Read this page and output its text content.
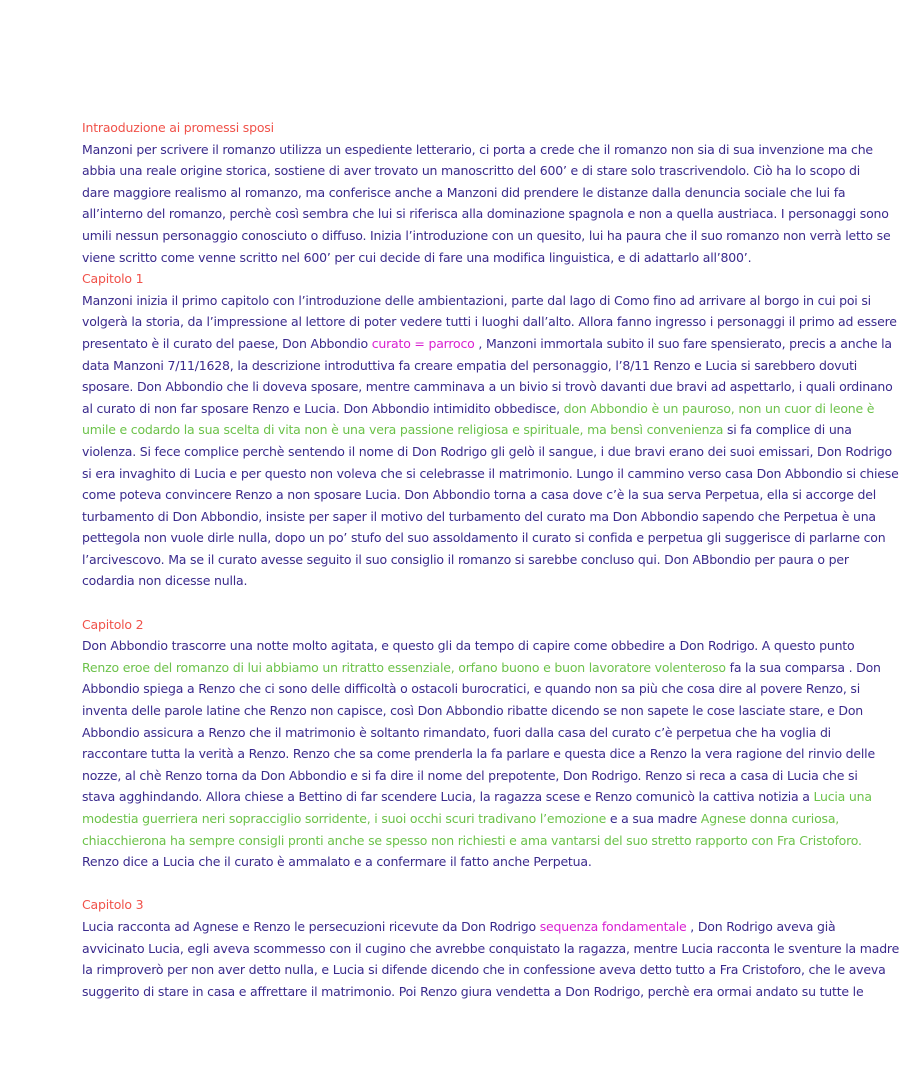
Intraoduzione ai promessi sposi
Manzoni per scrivere il romanzo utilizza un espediente letterario, ci porta a crede che il romanzo non sia di sua invenzione ma che
abbia una reale origine storica, sostiene di aver trovato un manoscritto del 600’ e di stare solo trascrivendolo. Ciò ha lo scopo di
dare maggiore realismo al romanzo, ma conferisce anche a Manzoni did prendere le distanze dalla denuncia sociale che lui fa
all’interno del romanzo, perchè così sembra che lui si riferisca alla dominazione spagnola e non a quella austriaca. I personaggi sono
umili nessun personaggio conosciuto o diffuso. Inizia l’introduzione con un quesito, lui ha paura che il suo romanzo non verrà letto se
viene scritto come venne scritto nel 600’ per cui decide di fare una modifica linguistica, e di adattarlo all’800’.
Capitolo 1
Manzoni inizia il primo capitolo con l’introduzione delle ambientazioni, parte dal lago di Como fino ad arrivare al borgo in cui poi si
volgerà la storia, da l’impressione al lettore di poter vedere tutti i luoghi dall’alto. Allora fanno ingresso i personaggi il primo ad essere
presentato è il curato del paese, Don Abbondio curato = parroco , Manzoni immortala subito il suo fare spensierato, precis a anche la
data Manzoni 7/11/1628, la descrizione introduttiva fa creare empatia del personaggio, l’8/11 Renzo e Lucia si sarebbero dovuti
sposare. Don Abbondio che li doveva sposare, mentre camminava a un bivio si trovò davanti due bravi ad aspettarlo, i quali ordinano
al curato di non far sposare Renzo e Lucia. Don Abbondio intimidito obbedisce, don Abbondio è un pauroso, non un cuor di leone è
umile e codardo la sua scelta di vita non è una vera passione religiosa e spirituale, ma bensì convenienza si fa complice di una
violenza. Si fece complice perchè sentendo il nome di Don Rodrigo gli gelò il sangue, i due bravi erano dei suoi emissari, Don Rodrigo
si era invaghito di Lucia e per questo non voleva che si celebrasse il matrimonio. Lungo il cammino verso casa Don Abbondio si chiese
come poteva convincere Renzo a non sposare Lucia. Don Abbondio torna a casa dove c’è la sua serva Perpetua, ella si accorge del
turbamento di Don Abbondio, insiste per saper il motivo del turbamento del curato ma Don Abbondio sapendo che Perpetua è una
pettegola non vuole dirle nulla, dopo un po’ stufo del suo assoldamento il curato si confida e perpetua gli suggerisce di parlarne con
l’arcivescovo. Ma se il curato avesse seguito il suo consiglio il romanzo si sarebbe concluso qui. Don ABbondio per paura o per
codardia non dicesse nulla.
Capitolo 2
Don Abbondio trascorre una notte molto agitata, e questo gli da tempo di capire come obbedire a Don Rodrigo. A questo punto
Renzo eroe del romanzo di lui abbiamo un ritratto essenziale, orfano buono e buon lavoratore volenteroso fa la sua comparsa . Don
Abbondio spiega a Renzo che ci sono delle difficoltà o ostacoli burocratici, e quando non sa più che cosa dire al povere Renzo, si
inventa delle parole latine che Renzo non capisce, così Don Abbondio ribatte dicendo se non sapete le cose lasciate stare, e Don
Abbondio assicura a Renzo che il matrimonio è soltanto rimandato, fuori dalla casa del curato c’è perpetua che ha voglia di
raccontare tutta la verità a Renzo. Renzo che sa come prenderla la fa parlare e questa dice a Renzo la vera ragione del rinvio delle
nozze, al chè Renzo torna da Don Abbondio e si fa dire il nome del prepotente, Don Rodrigo. Renzo si reca a casa di Lucia che si
stava agghindando. Allora chiese a Bettino di far scendere Lucia, la ragazza scese e Renzo comunicò la cattiva notizia a Lucia una
modestia guerriera neri sopracciglio sorridente, i suoi occhi scuri tradivano l’emozione e a sua madre Agnese donna curiosa,
chiacchierona ha sempre consigli pronti anche se spesso non richiesti e ama vantarsi del suo stretto rapporto con Fra Cristoforo.
Renzo dice a Lucia che il curato è ammalato e a confermare il fatto anche Perpetua.
Capitolo 3
Lucia racconta ad Agnese e Renzo le persecuzioni ricevute da Don Rodrigo sequenza fondamentale , Don Rodrigo aveva già
avvicinato Lucia, egli aveva scommesso con il cugino che avrebbe conquistato la ragazza, mentre Lucia racconta le sventure la madre
la rimproverò per non aver detto nulla, e Lucia si difende dicendo che in confessione aveva detto tutto a Fra Cristoforo, che le aveva
suggerito di stare in casa e affrettare il matrimonio. Poi Renzo giura vendetta a Don Rodrigo, perchè era ormai andato su tutte le
